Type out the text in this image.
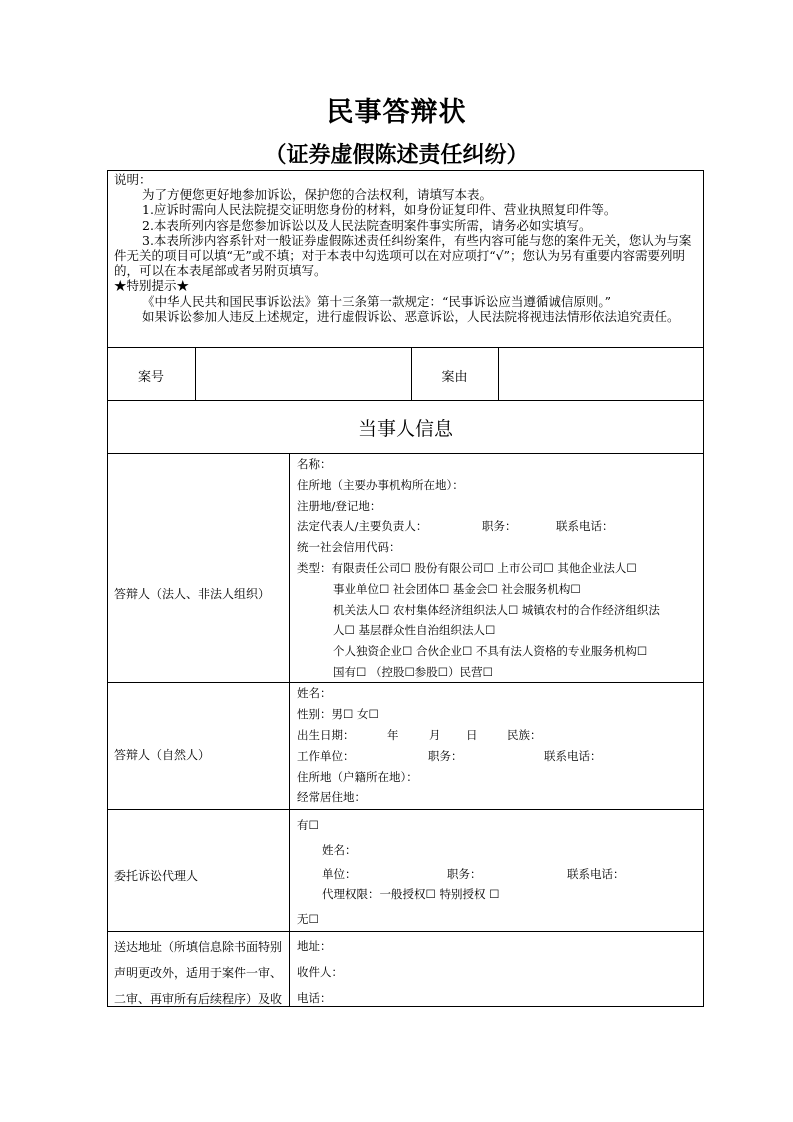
民事答辩状
（证券虚假陈述责任纠纷）

说明：

为了方便您更好地参加诉讼，保护您的合法权利，请填写本表。

1.应诉时需向人民法院提交证明您身份的材料，如身份证复印件、营业执照复印件等。

2.本表所列内容是您参加诉讼以及人民法院查明案件事实所需，请务必如实填写。

3.本表所涉内容系针对一般证券虚假陈述责任纠纷案件，有些内容可能与您的案件无关，您认为与案件无关的项目可以填“无”或不填；对于本表中勾选项可以在对应项打“√”；您认为另有重要内容需要列明的，可以在本表尾部或者另附页填写。

★特别提示★

《中华人民共和国民事诉讼法》第十三条第一款规定：“民事诉讼应当遵循诚信原则。”

如果诉讼参加人违反上述规定，进行虚假诉讼、恶意诉讼，人民法院将视违法情形依法追究责任。

案号	案由
当事人信息
答辩人（法人、非法人组织）
名称：
住所地（主要办事机构所在地）：
注册地/登记地：
法定代表人/主要负责人：	职务：	联系电话：
统一社会信用代码：
类型：有限责任公司☐ 股份有限公司☐ 上市公司☐ 其他企业法人☐
事业单位☐ 社会团体☐ 基金会☐ 社会服务机构☐
机关法人☐ 农村集体经济组织法人☐ 城镇农村的合作经济组织法
人☐ 基层群众性自治组织法人☐
个人独资企业☐ 合伙企业☐ 不具有法人资格的专业服务机构☐
国有☐ （控股☐参股☐）民营☐
答辩人（自然人）
姓名：
性别：男☐ 女☐
出生日期：	年	月 日	民族：
工作单位：	职务：	联系电话：
住所地（户籍所在地）：
经常居住地：
委托诉讼代理人
有☐
姓名：
单位：	职务：	联系电话：
代理权限：一般授权☐ 特别授权 ☐
无☐
送达地址（所填信息除书面特别声明更改外，适用于案件一审、二审、再审所有后续程序）及收
地址：
收件人：
电话：
